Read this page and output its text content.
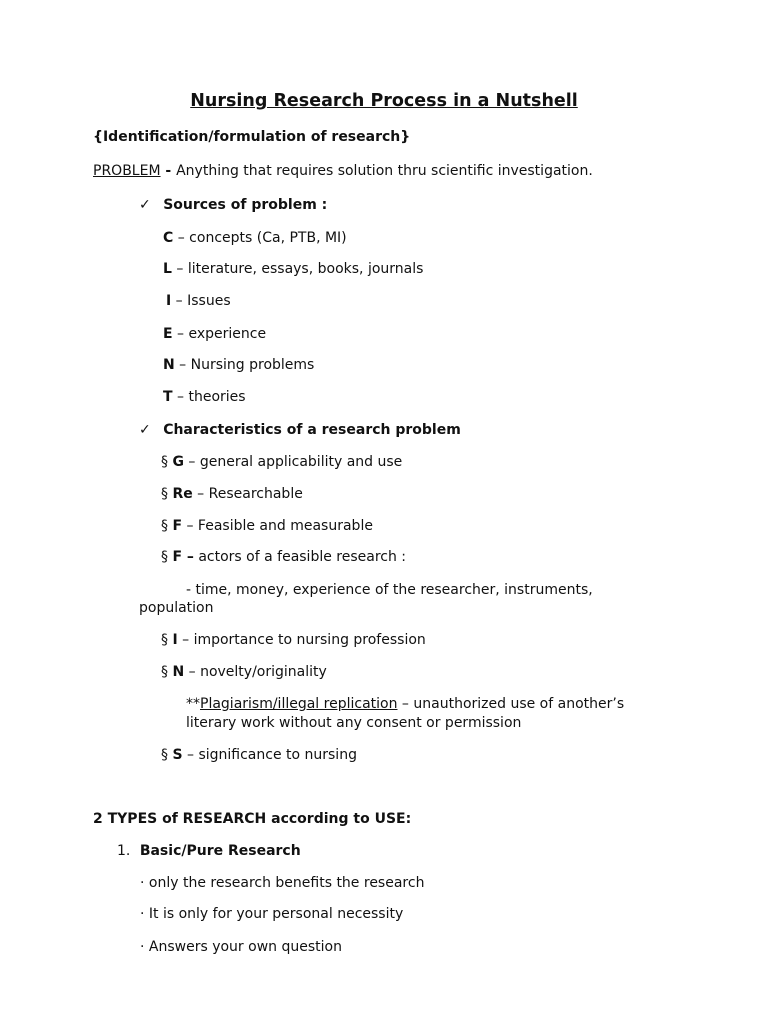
Nursing Research Process in a Nutshell
{Identification/formulation of research}
PROBLEM - Anything that requires solution thru scientific investigation.
✓ Sources of problem :
C – concepts (Ca, PTB, MI)
L – literature, essays, books, journals
I – Issues
E – experience
N – Nursing problems
T – theories
✓ Characteristics of a research problem
§ G – general applicability and use
§ Re – Researchable
§ F – Feasible and measurable
§ F – actors of a feasible research :
- time, money, experience of the researcher, instruments,
population
§ I – importance to nursing profession
§ N – novelty/originality
**Plagiarism/illegal replication – unauthorized use of another’s
literary work without any consent or permission
§ S – significance to nursing
2 TYPES of RESEARCH according to USE:
1. Basic/Pure Research
· only the research benefits the research
· It is only for your personal necessity
· Answers your own question
